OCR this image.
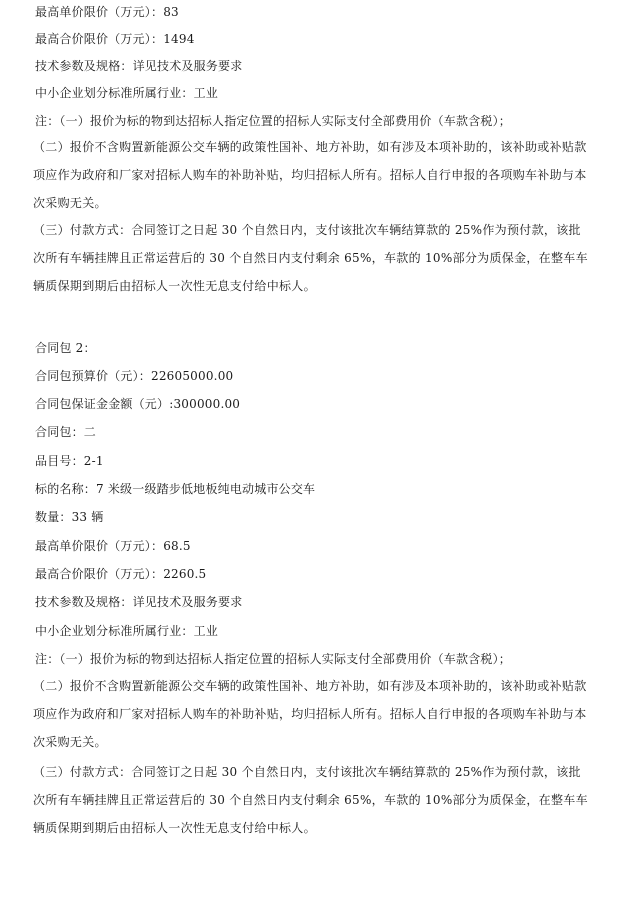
最高单价限价（万元）：83
最高合价限价（万元）：1494
技术参数及规格：详见技术及服务要求
中小企业划分标准所属行业：工业
注：（一）报价为标的物到达招标人指定位置的招标人实际支付全部费用价（车款含税）；
（二）报价不含购置新能源公交车辆的政策性国补、地方补助，如有涉及本项补助的，该补助或补贴款项应作为政府和厂家对招标人购车的补助补贴，均归招标人所有。招标人自行申报的各项购车补助与本次采购无关。
（三）付款方式：合同签订之日起 30 个自然日内，支付该批次车辆结算款的 25%作为预付款，该批次所有车辆挂牌且正常运营后的 30 个自然日内支付剩余 65%，车款的 10%部分为质保金，在整车车辆质保期到期后由招标人一次性无息支付给中标人。
合同包 2：
合同包预算价（元）：22605000.00
合同包保证金金额（元）:300000.00
合同包：二
品目号：2-1
标的名称：7 米级一级踏步低地板纯电动城市公交车
数量：33 辆
最高单价限价（万元）：68.5
最高合价限价（万元）：2260.5
技术参数及规格：详见技术及服务要求
中小企业划分标准所属行业：工业
注：（一）报价为标的物到达招标人指定位置的招标人实际支付全部费用价（车款含税）；
（二）报价不含购置新能源公交车辆的政策性国补、地方补助，如有涉及本项补助的，该补助或补贴款项应作为政府和厂家对招标人购车的补助补贴，均归招标人所有。招标人自行申报的各项购车补助与本次采购无关。
（三）付款方式：合同签订之日起 30 个自然日内，支付该批次车辆结算款的 25%作为预付款，该批次所有车辆挂牌且正常运营后的 30 个自然日内支付剩余 65%，车款的 10%部分为质保金，在整车车辆质保期到期后由招标人一次性无息支付给中标人。
